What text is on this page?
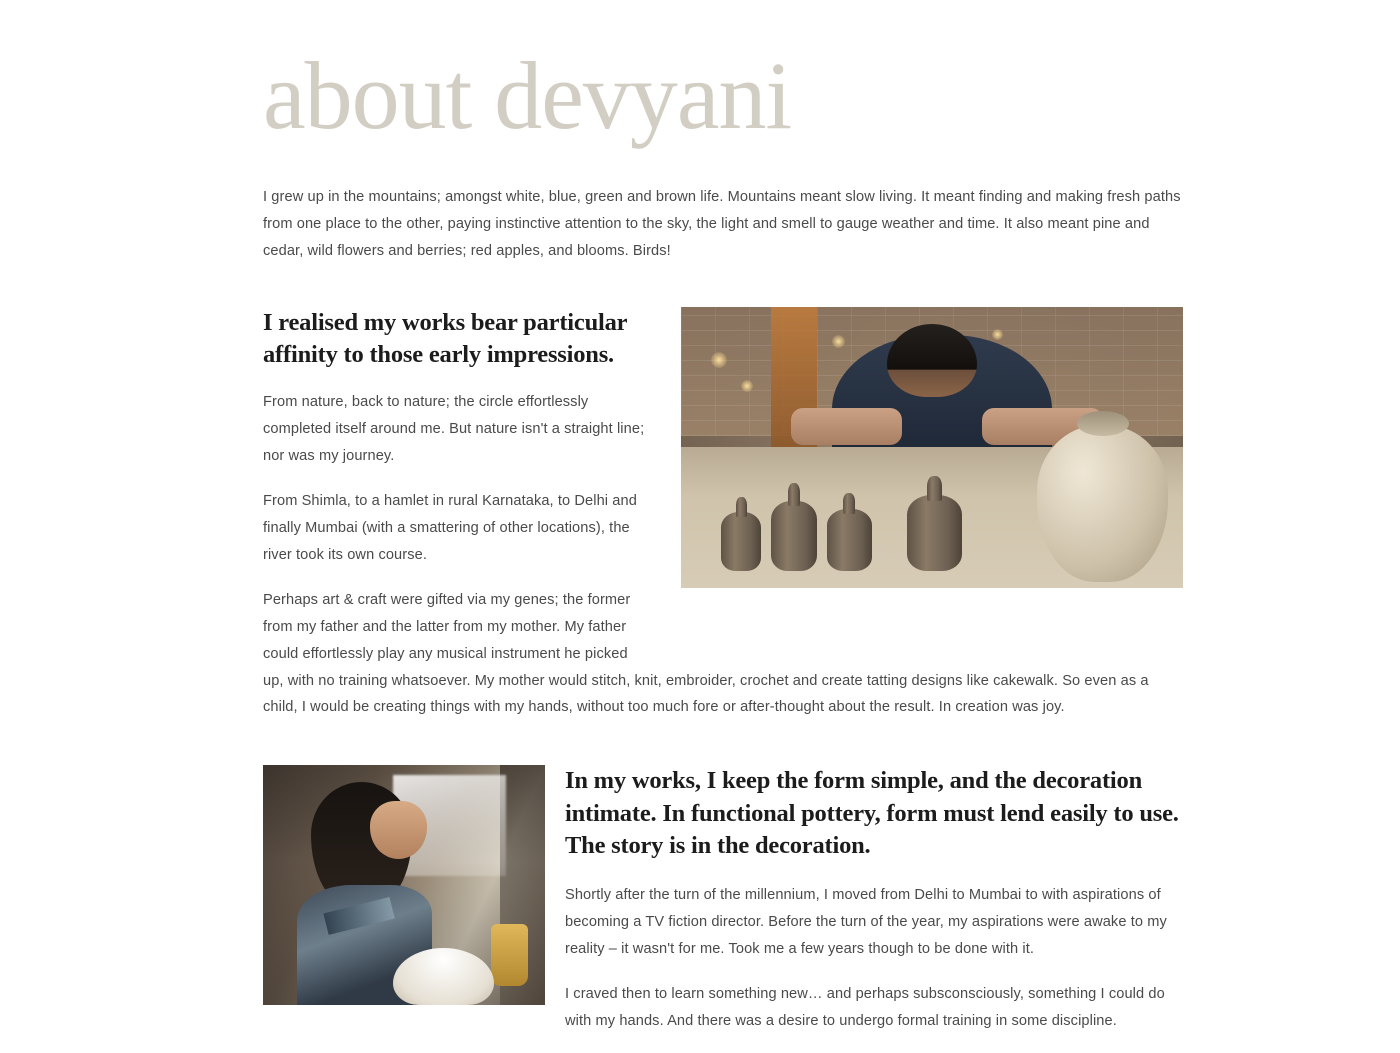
about devyani

I grew up in the mountains; amongst white, blue, green and brown life. Mountains meant slow living. It meant finding and making fresh paths from one place to the other, paying instinctive attention to the sky, the light and smell to gauge weather and time. It also meant pine and cedar, wild flowers and berries; red apples, and blooms. Birds!

I realised my works bear particular affinity to those early impressions.

From nature, back to nature; the circle effortlessly completed itself around me. But nature isn't a straight line; nor was my journey.

From Shimla, to a hamlet in rural Karnataka, to Delhi and finally Mumbai (with a smattering of other locations), the river took its own course.

Perhaps art & craft were gifted via my genes; the former from my father and the latter from my mother. My father could effortlessly play any musical instrument he picked

up, with no training whatsoever. My mother would stitch, knit, embroider, crochet and create tatting designs like cakewalk. So even as a child, I would be creating things with my hands, without too much fore or after-thought about the result. In creation was joy.

In my works, I keep the form simple, and the decoration intimate. In functional pottery, form must lend easily to use. The story is in the decoration.

Shortly after the turn of the millennium, I moved from Delhi to Mumbai to with aspirations of becoming a TV fiction director. Before the turn of the year, my aspirations were awake to my reality – it wasn't for me. Took me a few years though to be done with it.

I craved then to learn something new… and perhaps subsconsciously, something I could do with my hands. And there was a desire to undergo formal training in some discipline.
